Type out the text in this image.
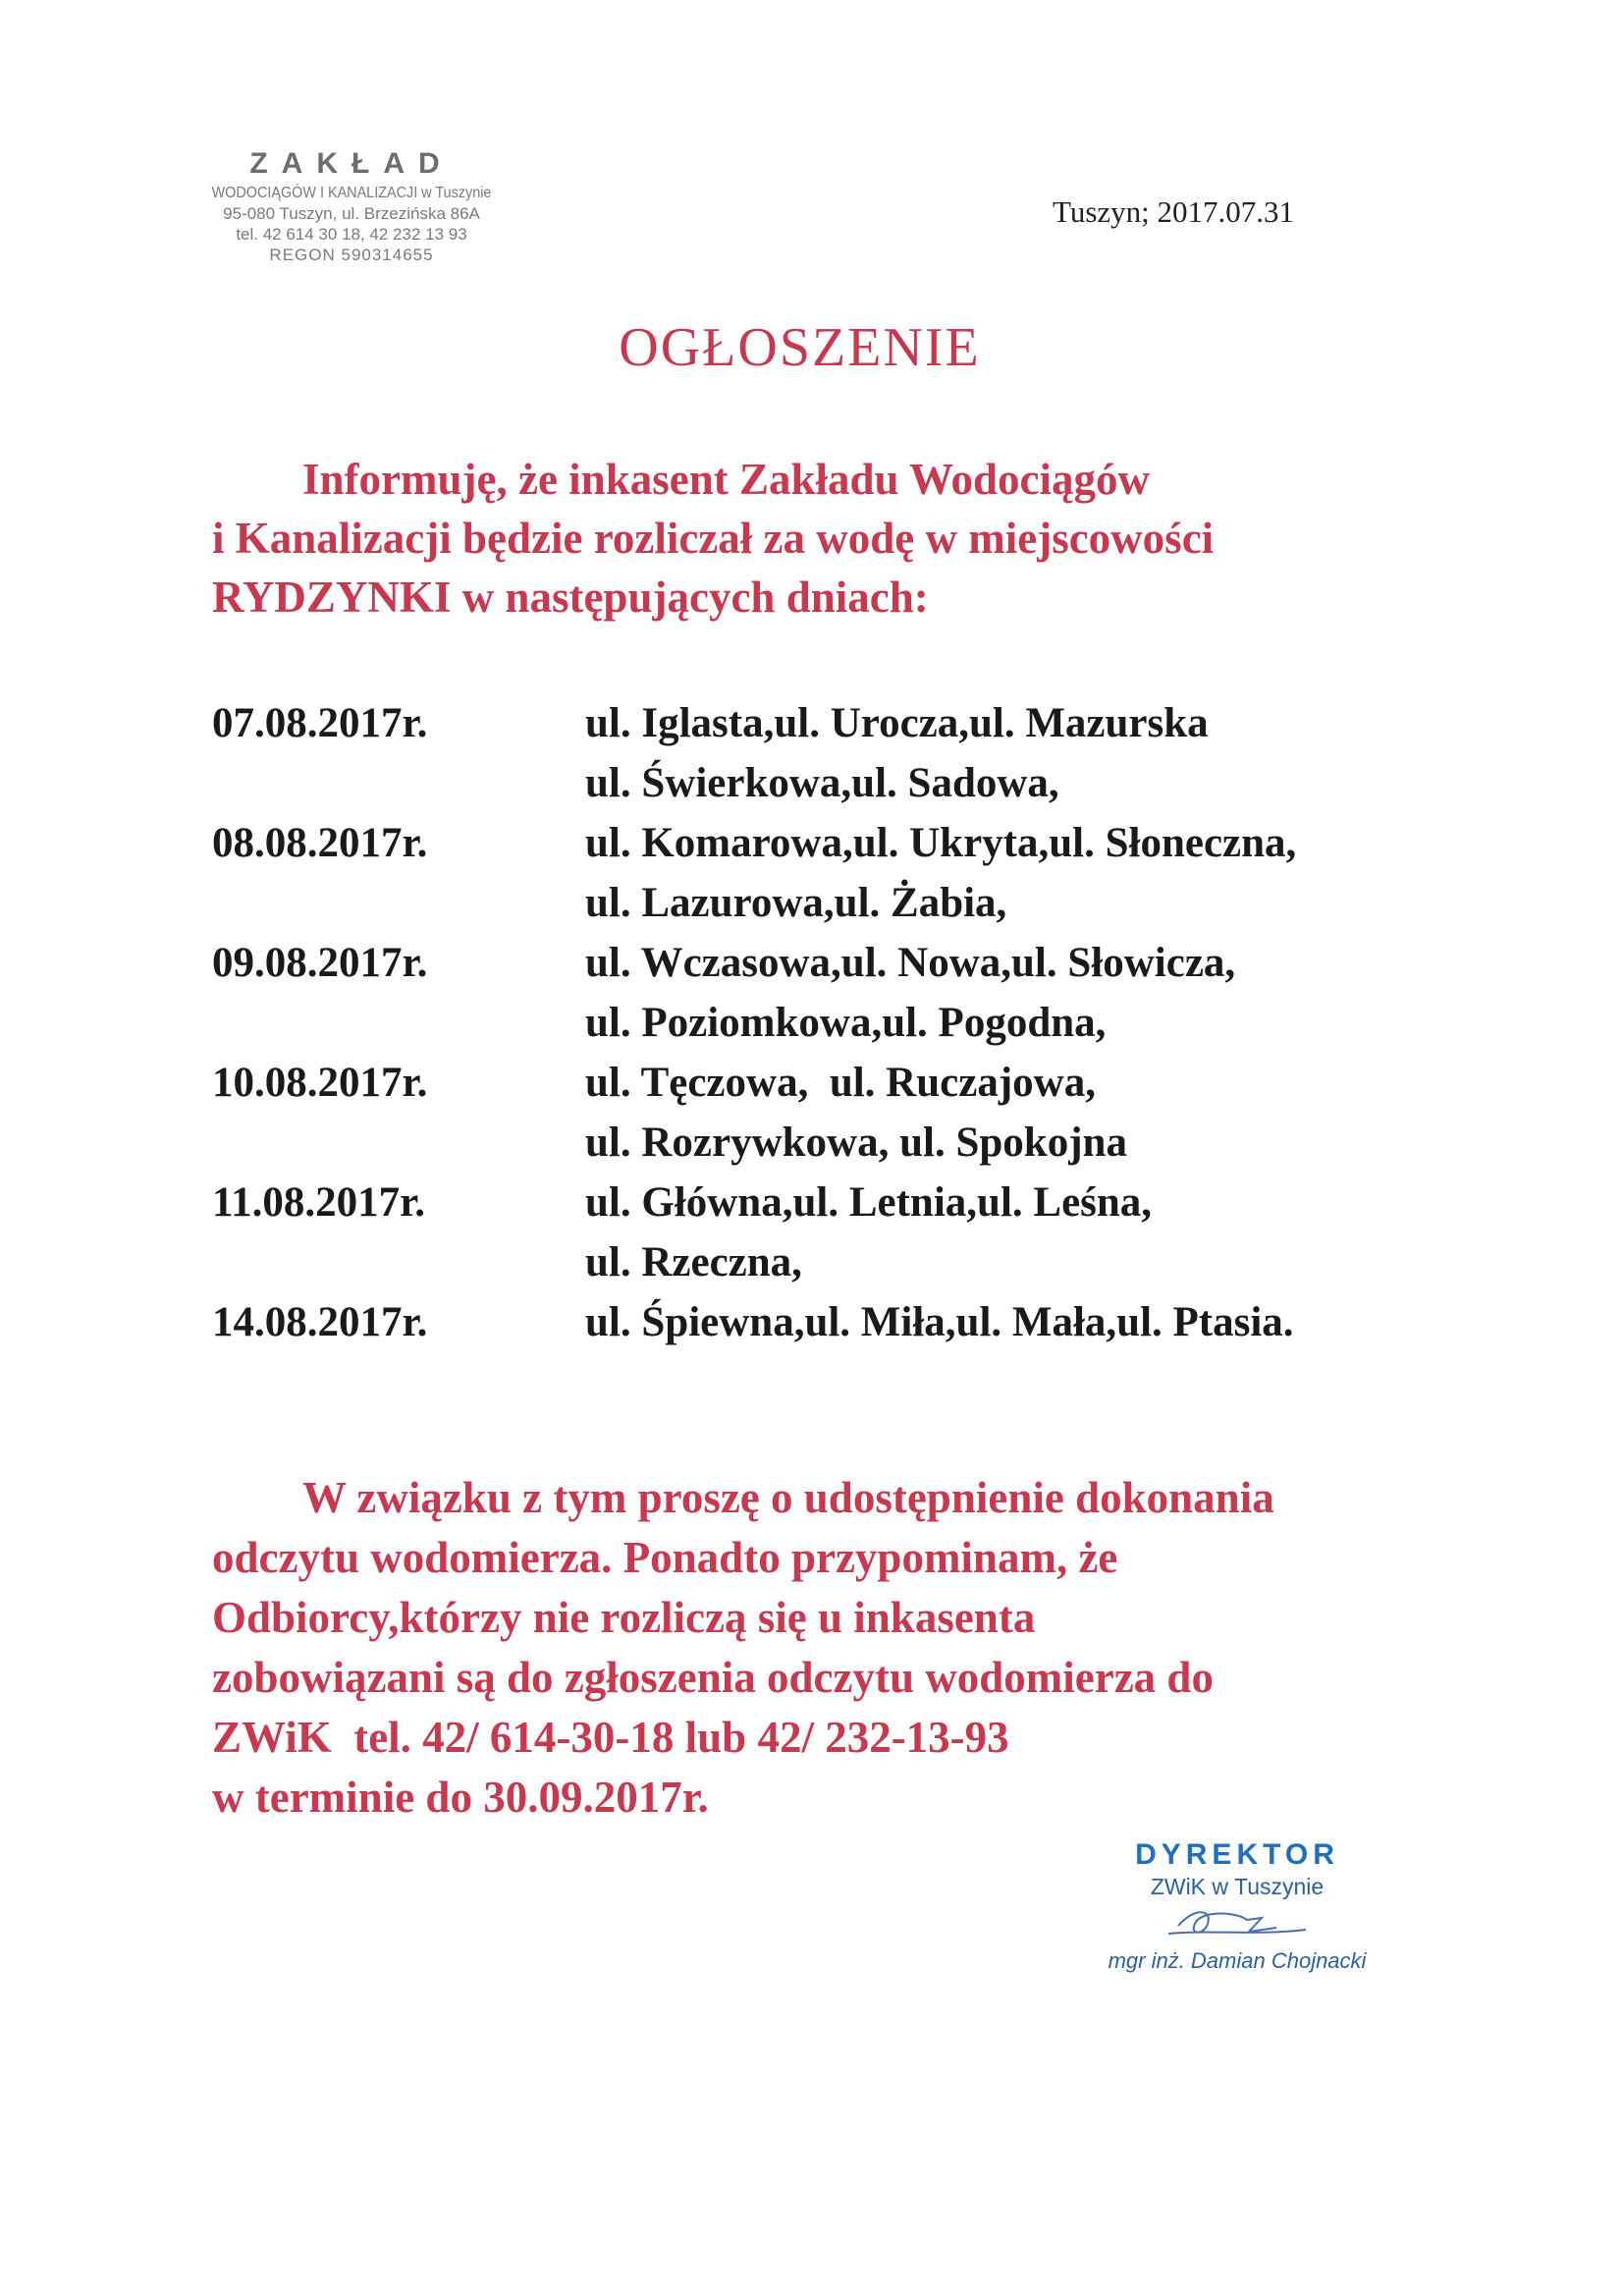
ZAKŁAD
WODOCIĄGÓW I KANALIZACJI w Tuszynie
95-080 Tuszyn, ul. Brzezińska 86A
tel. 42 614 30 18, 42 232 13 93
REGON 590314655
Tuszyn; 2017.07.31
OGŁOSZENIE
Informuję, że inkasent Zakładu Wodociągów
i Kanalizacji będzie rozliczał za wodę w miejscowości
RYDZYNKI w następujących dniach:
07.08.2017r.	ul. Iglasta,ul. Urocza,ul. Mazurska
ul. Świerkowa,ul. Sadowa,
08.08.2017r.	ul. Komarowa,ul. Ukryta,ul. Słoneczna,
ul. Lazurowa,ul. Żabia,
09.08.2017r.	ul. Wczasowa,ul. Nowa,ul. Słowicza,
ul. Poziomkowa,ul. Pogodna,
10.08.2017r.	ul. Tęczowa,  ul. Ruczajowa,
ul. Rozrywkowa, ul. Spokojna
11.08.2017r.	ul. Główna,ul. Letnia,ul. Leśna,
ul. Rzeczna,
14.08.2017r.	ul. Śpiewna,ul. Miła,ul. Mała,ul. Ptasia.
W związku z tym proszę o udostępnienie dokonania
odczytu wodomierza. Ponadto przypominam, że
Odbiorcy,którzy nie rozliczą się u inkasenta
zobowiązani są do zgłoszenia odczytu wodomierza do
ZWiK  tel. 42/ 614-30-18 lub 42/ 232-13-93
w terminie do 30.09.2017r.
DYREKTOR
ZWiK w Tuszynie
mgr inż. Damian Chojnacki
